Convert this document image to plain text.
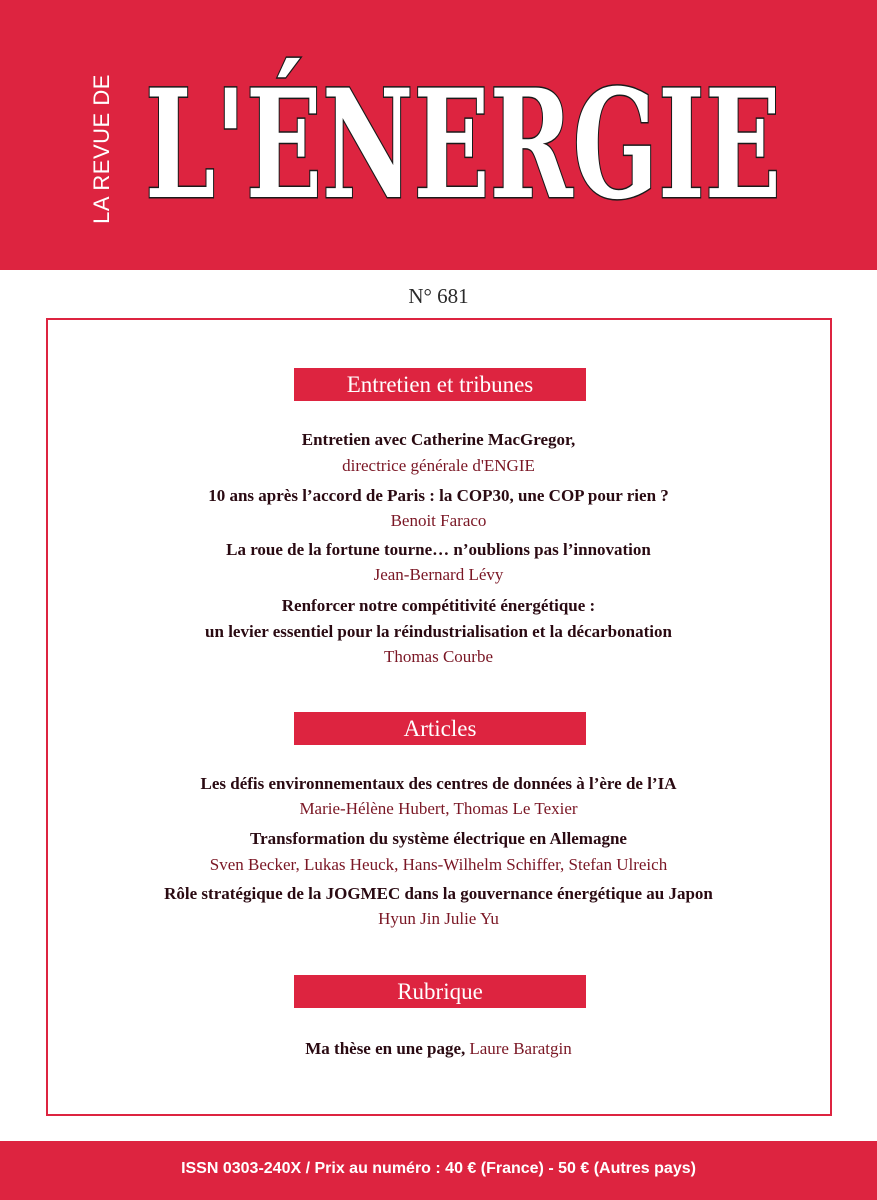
LA REVUE DE L'ÉNERGIE
N° 681
Entretien et tribunes
Entretien avec Catherine MacGregor,
directrice générale d'ENGIE
10 ans après l’accord de Paris : la COP30, une COP pour rien ?
Benoit Faraco
La roue de la fortune tourne… n’oublions pas l’innovation
Jean-Bernard Lévy
Renforcer notre compétitivité énergétique :
un levier essentiel pour la réindustrialisation et la décarbonation
Thomas Courbe
Articles
Les défis environnementaux des centres de données à l’ère de l’IA
Marie-Hélène Hubert, Thomas Le Texier
Transformation du système électrique en Allemagne
Sven Becker, Lukas Heuck, Hans-Wilhelm Schiffer, Stefan Ulreich
Rôle stratégique de la JOGMEC dans la gouvernance énergétique au Japon
Hyun Jin Julie Yu
Rubrique
Ma thèse en une page, Laure Baratgin
ISSN 0303-240X / Prix au numéro : 40 € (France) - 50 € (Autres pays)
